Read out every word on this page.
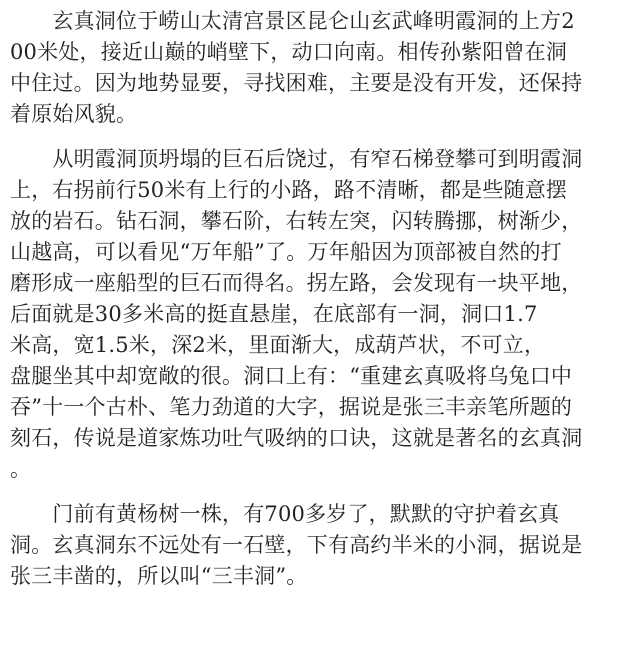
　　玄真洞位于崂山太清宫景区昆仑山玄武峰明霞洞的上方2
00米处，接近山巅的峭壁下，动口向南。相传孙紫阳曾在洞
中住过。因为地势显要，寻找困难，主要是没有开发，还保持
着原始风貌。

　　从明霞洞顶坍塌的巨石后饶过，有窄石梯登攀可到明霞洞
上，右拐前行50米有上行的小路，路不清晰，都是些随意摆
放的岩石。钻石洞，攀石阶，右转左突，闪转腾挪，树渐少，
山越高，可以看见“万年船”了。万年船因为顶部被自然的打
磨形成一座船型的巨石而得名。拐左路，会发现有一块平地，
后面就是30多米高的挺直悬崖，在底部有一洞，洞口1.7
米高，宽1.5米，深2米，里面渐大，成葫芦状，不可立，
盘腿坐其中却宽敞的很。洞口上有：“重建玄真吸将乌兔口中
吞”十一个古朴、笔力劲道的大字，据说是张三丰亲笔所题的
刻石，传说是道家炼功吐气吸纳的口诀，这就是著名的玄真洞
。

　　门前有黄杨树一株，有700多岁了，默默的守护着玄真
洞。玄真洞东不远处有一石壁，下有高约半米的小洞，据说是
张三丰凿的，所以叫“三丰洞”。
